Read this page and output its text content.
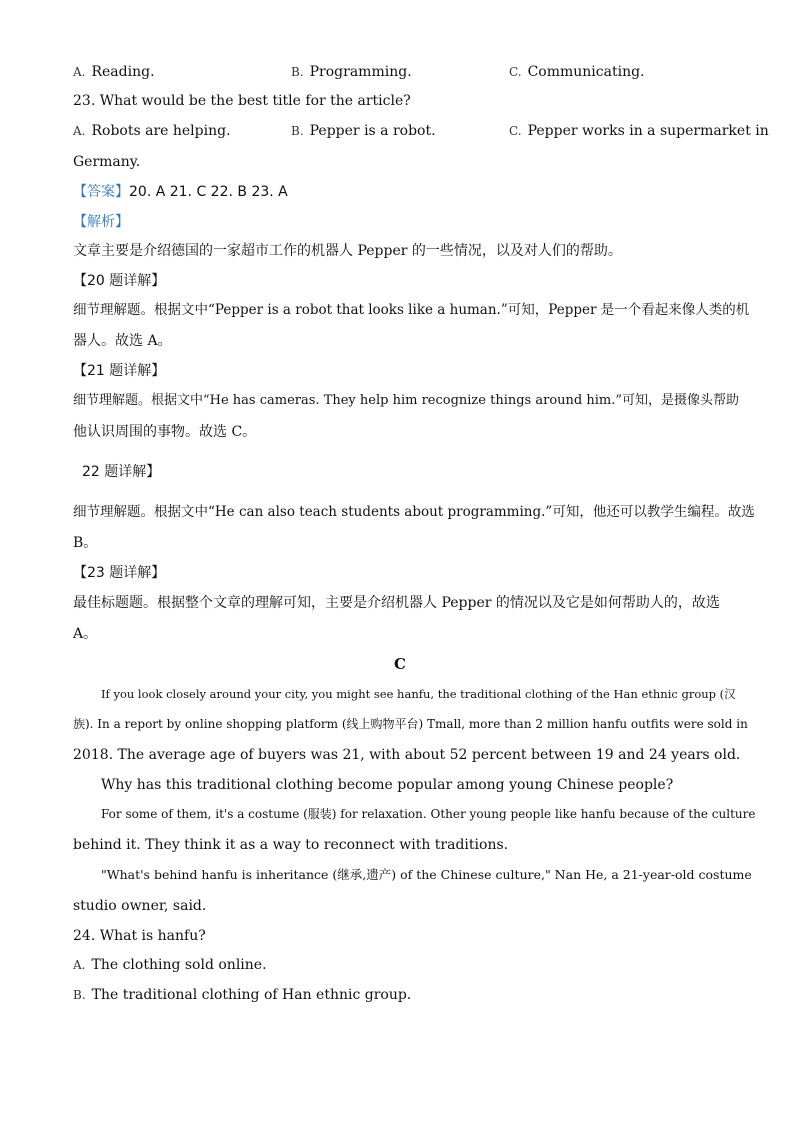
A. Reading.	B. Programming.	C. Communicating.
23. What would be the best title for the article?
A. Robots are helping.	B. Pepper is a robot.	C. Pepper works in a supermarket in
Germany.
【答案】20. A 21. C 22. B 23. A
【解析】
文章主要是介绍德国的一家超市工作的机器人 Pepper 的一些情况，以及对人们的帮助。
【20 题详解】
细节理解题。根据文中“Pepper is a robot that looks like a human.”可知，Pepper 是一个看起来像人类的机
器人。故选 A。
【21 题详解】
细节理解题。根据文中“He has cameras. They help him recognize things around him.”可知，是摄像头帮助
他认识周围的事物。故选 C。
22 题详解】
细节理解题。根据文中“He can also teach students about programming.”可知，他还可以教学生编程。故选
B。
【23 题详解】
最佳标题题。根据整个文章的理解可知，主要是介绍机器人 Pepper 的情况以及它是如何帮助人的，故选
A。
C
If you look closely around your city, you might see hanfu, the traditional clothing of the Han ethnic group (汉
族). In a report by online shopping platform (线上购物平台) Tmall, more than 2 million hanfu outfits were sold in
2018. The average age of buyers was 21, with about 52 percent between 19 and 24 years old.
Why has this traditional clothing become popular among young Chinese people?
For some of them, it's a costume (服装) for relaxation. Other young people like hanfu because of the culture
behind it. They think it as a way to reconnect with traditions.
"What's behind hanfu is inheritance (继承,遗产) of the Chinese culture," Nan He, a 21-year-old costume
studio owner, said.
24. What is hanfu?
A. The clothing sold online.
B. The traditional clothing of Han ethnic group.
